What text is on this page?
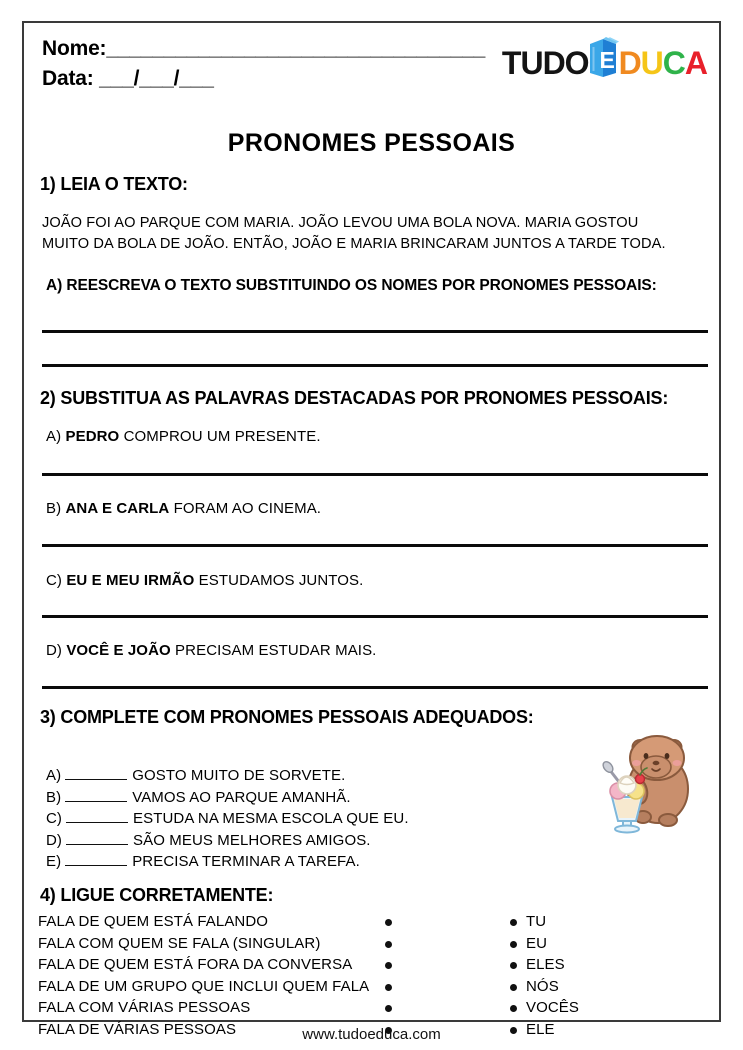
Nome:_________________________________
Data: ___/___/___	TUDO E D U C A
PRONOMES PESSOAIS
1) LEIA O TEXTO:
JOÃO FOI AO PARQUE COM MARIA. JOÃO LEVOU UMA BOLA NOVA. MARIA GOSTOU
MUITO DA BOLA DE JOÃO. ENTÃO, JOÃO E MARIA BRINCARAM JUNTOS A TARDE TODA.
A) REESCREVA O TEXTO SUBSTITUINDO OS NOMES POR PRONOMES PESSOAIS:
2) SUBSTITUA AS PALAVRAS DESTACADAS POR PRONOMES PESSOAIS:
A) PEDRO COMPROU UM PRESENTE.
B) ANA E CARLA FORAM AO CINEMA.
C) EU E MEU IRMÃO ESTUDAMOS JUNTOS.
D) VOCÊ E JOÃO PRECISAM ESTUDAR MAIS.
3) COMPLETE COM PRONOMES PESSOAIS ADEQUADOS:
A)	GOSTO MUITO DE SORVETE.
B)	VAMOS AO PARQUE AMANHÃ.
C)	ESTUDA NA MESMA ESCOLA QUE EU.
D)	SÃO MEUS MELHORES AMIGOS.
E)	PRECISA TERMINAR A TAREFA.
4) LIGUE CORRETAMENTE:
FALA DE QUEM ESTÁ FALANDO	TU
FALA COM QUEM SE FALA (SINGULAR)	EU
FALA DE QUEM ESTÁ FORA DA CONVERSA	ELES
FALA DE UM GRUPO QUE INCLUI QUEM FALA	NÓS
FALA COM VÁRIAS PESSOAS	VOCÊS
FALA DE VÁRIAS PESSOAS	ELE
www.tudoeduca.com
